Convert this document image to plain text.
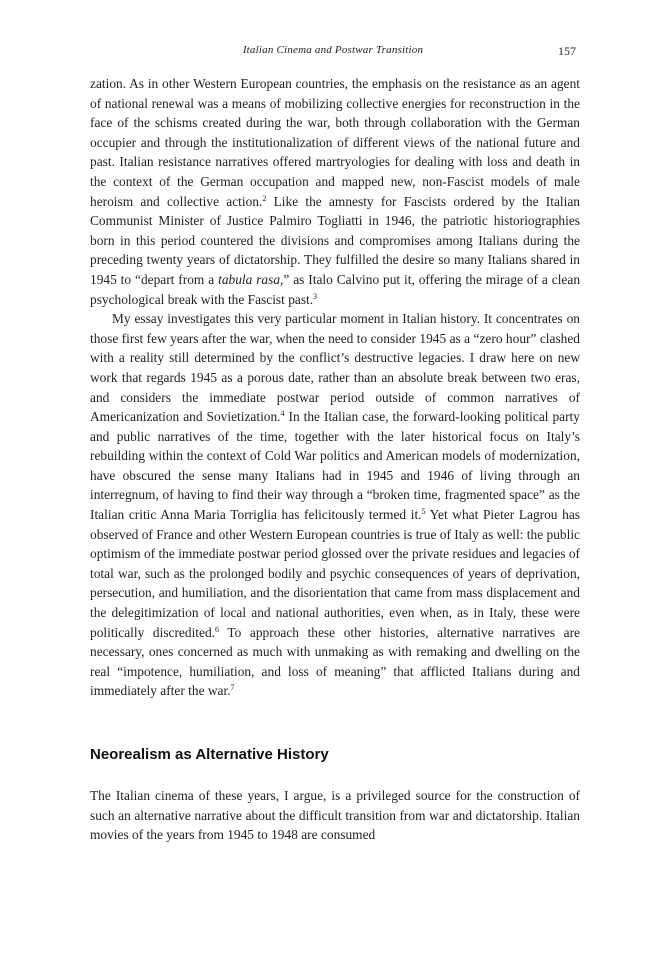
Italian Cinema and Postwar Transition	157

zation. As in other Western European countries, the emphasis on the resistance as an agent of national renewal was a means of mobilizing collective energies for reconstruction in the face of the schisms created during the war, both through collaboration with the German occupier and through the institutionalization of different views of the national future and past. Italian resistance narratives offered martryologies for dealing with loss and death in the context of the German occupation and mapped new, non-Fascist models of male heroism and collective action.$^2$ Like the amnesty for Fascists ordered by the Italian Communist Minister of Justice Palmiro Togliatti in 1946, the patriotic historiographies born in this period countered the divisions and compromises among Italians during the preceding twenty years of dictatorship. They fulfilled the desire so many Italians shared in 1945 to “depart from a tabula rasa,” as Italo Calvino put it, offering the mirage of a clean psychological break with the Fascist past.$^3$

My essay investigates this very particular moment in Italian history. It concentrates on those first few years after the war, when the need to consider 1945 as a “zero hour” clashed with a reality still determined by the conflict’s destructive legacies. I draw here on new work that regards 1945 as a porous date, rather than an absolute break between two eras, and considers the immediate postwar period outside of common narratives of Americanization and Sovietization.$^4$ In the Italian case, the forward-looking political party and public narratives of the time, together with the later historical focus on Italy’s rebuilding within the context of Cold War politics and American models of modernization, have obscured the sense many Italians had in 1945 and 1946 of living through an interregnum, of having to find their way through a “broken time, fragmented space” as the Italian critic Anna Maria Torriglia has felicitously termed it.$^5$ Yet what Pieter Lagrou has observed of France and other Western European countries is true of Italy as well: the public optimism of the immediate postwar period glossed over the private residues and legacies of total war, such as the prolonged bodily and psychic consequences of years of deprivation, persecution, and humiliation, and the disorientation that came from mass displacement and the delegitimization of local and national authorities, even when, as in Italy, these were politically discredited.$^6$ To approach these other histories, alternative narratives are necessary, ones concerned as much with unmaking as with remaking and dwelling on the real “impotence, humiliation, and loss of meaning” that afflicted Italians during and immediately after the war.$^7$

Neorealism as Alternative History

The Italian cinema of these years, I argue, is a privileged source for the construction of such an alternative narrative about the difficult transition from war and dictatorship. Italian movies of the years from 1945 to 1948 are consumed
